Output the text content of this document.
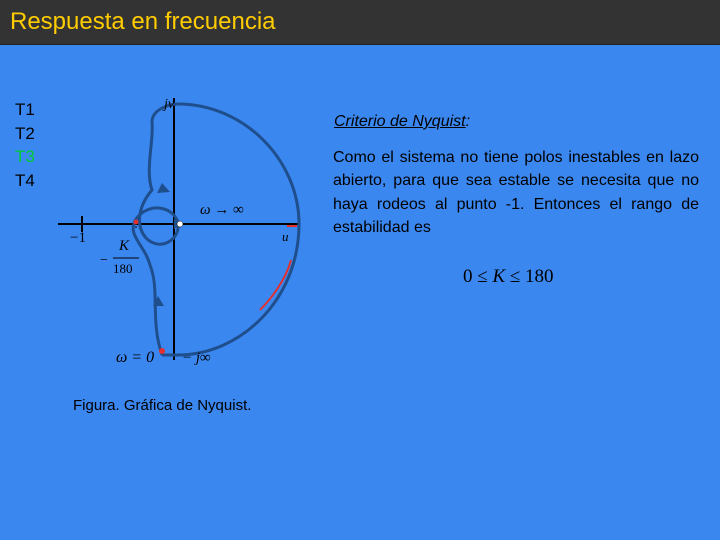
Respuesta en frecuencia
T1
T2
T3
T4
jv
ω → ∞
u
−1
−
K
180
ω = 0 − j∞
Figura. Gráfica de Nyquist.
Criterio de Nyquist:
Como el sistema no tiene polos inestables en lazo abierto, para que sea estable se necesita que no haya rodeos al punto -1. Entonces el rango de estabilidad es
0 ≤ K ≤ 180
